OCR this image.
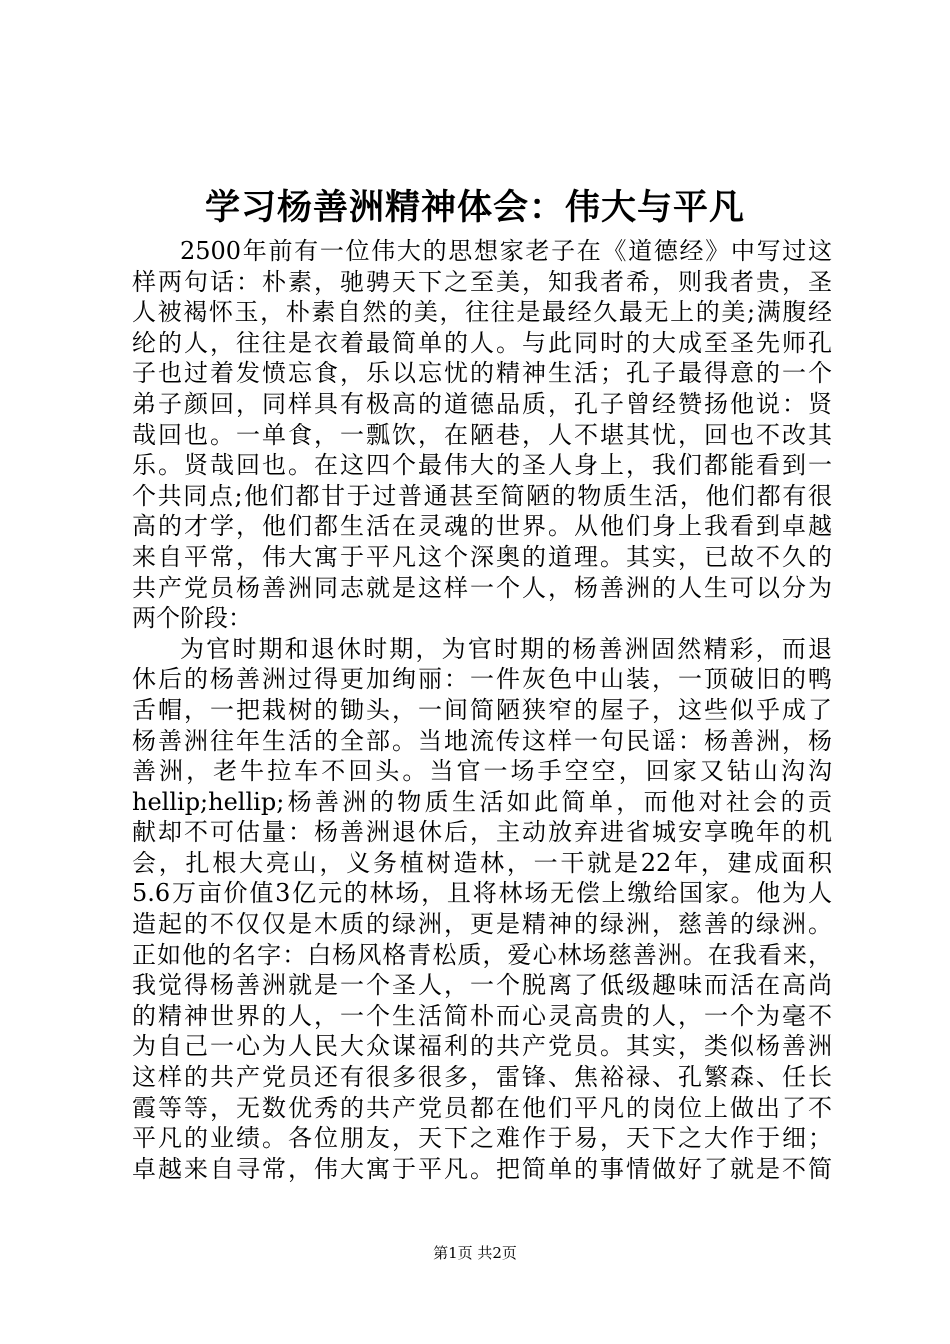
学习杨善洲精神体会：伟大与平凡
2500年前有一位伟大的思想家老子在《道德经》中写过这
样两句话：朴素，驰骋天下之至美，知我者希，则我者贵，圣
人被褐怀玉，朴素自然的美，往往是最经久最无上的美;满腹经
纶的人，往往是衣着最简单的人。与此同时的大成至圣先师孔
子也过着发愤忘食，乐以忘忧的精神生活；孔子最得意的一个
弟子颜回，同样具有极高的道德品质，孔子曾经赞扬他说：贤
哉回也。一单食，一瓢饮，在陋巷，人不堪其忧，回也不改其
乐。贤哉回也。在这四个最伟大的圣人身上，我们都能看到一
个共同点;他们都甘于过普通甚至简陋的物质生活，他们都有很
高的才学，他们都生活在灵魂的世界。从他们身上我看到卓越
来自平常，伟大寓于平凡这个深奥的道理。其实，已故不久的
共产党员杨善洲同志就是这样一个人，杨善洲的人生可以分为
两个阶段：
为官时期和退休时期，为官时期的杨善洲固然精彩，而退
休后的杨善洲过得更加绚丽：一件灰色中山装，一顶破旧的鸭
舌帽，一把栽树的锄头，一间简陋狭窄的屋子，这些似乎成了
杨善洲往年生活的全部。当地流传这样一句民谣：杨善洲，杨
善洲，老牛拉车不回头。当官一场手空空，回家又钻山沟沟
hellip;hellip;杨善洲的物质生活如此简单，而他对社会的贡
献却不可估量：杨善洲退休后，主动放弃进省城安享晚年的机
会，扎根大亮山，义务植树造林，一干就是22年，建成面积
5.6万亩价值3亿元的林场，且将林场无偿上缴给国家。他为人
造起的不仅仅是木质的绿洲，更是精神的绿洲，慈善的绿洲。
正如他的名字：白杨风格青松质，爱心林场慈善洲。在我看来，
我觉得杨善洲就是一个圣人，一个脱离了低级趣味而活在高尚
的精神世界的人，一个生活简朴而心灵高贵的人，一个为毫不
为自己一心为人民大众谋福利的共产党员。其实，类似杨善洲
这样的共产党员还有很多很多，雷锋、焦裕禄、孔繁森、任长
霞等等，无数优秀的共产党员都在他们平凡的岗位上做出了不
平凡的业绩。各位朋友，天下之难作于易，天下之大作于细；
卓越来自寻常，伟大寓于平凡。把简单的事情做好了就是不简
第1页 共2页
